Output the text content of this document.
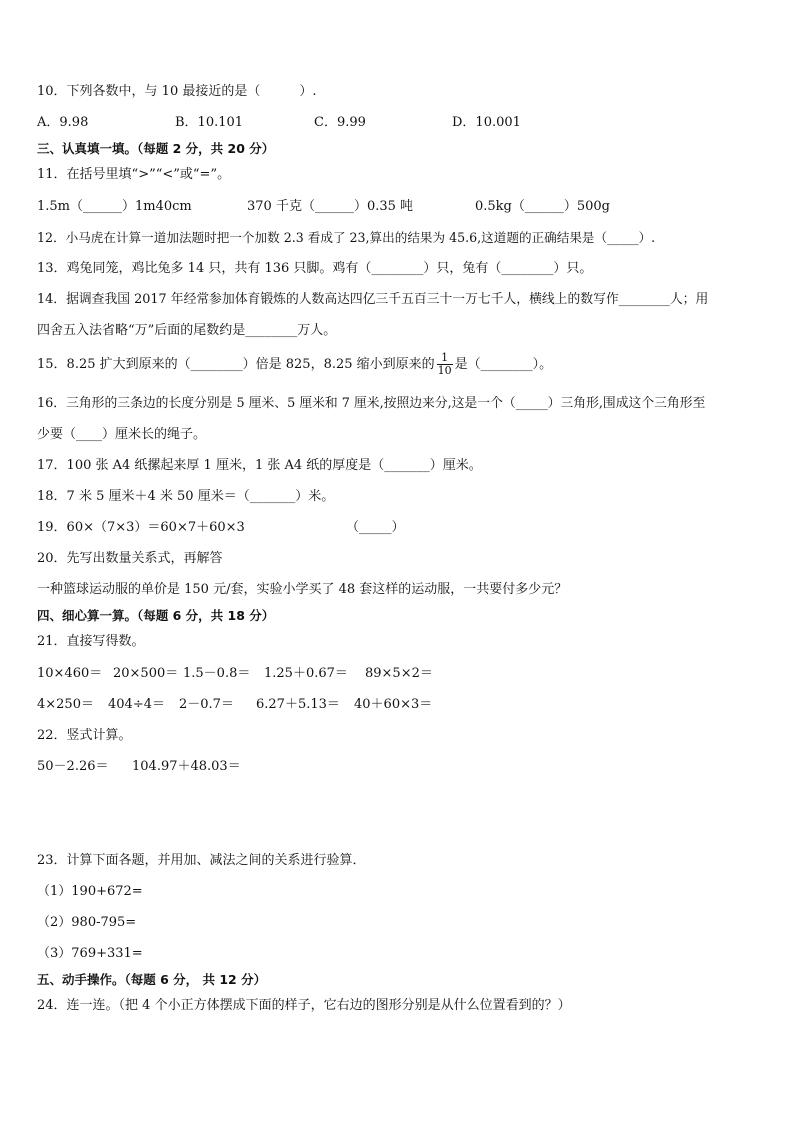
10．下列各数中，与 10 最接近的是（　　　）.
A．9.98	B．10.101	C．9.99	D．10.001
三、认真填一填。（每题 2 分，共 20 分）
11．在括号里填“>”“<”或“=”。
1.5m（______）1m40cm	370 千克（______）0.35 吨	0.5kg（______）500g
12．小马虎在计算一道加法题时把一个加数 2.3 看成了 23,算出的结果为 45.6,这道题的正确结果是（_____）.
13．鸡兔同笼，鸡比兔多 14 只，共有 136 只脚。鸡有（________）只，兔有（________）只。
14．据调查我国 2017 年经常参加体育锻炼的人数高达四亿三千五百三十一万七千人，横线上的数写作________人；用
四舍五入法省略“万”后面的尾数约是________万人。
15．8.25 扩大到原来的（________）倍是 825，8.25 缩小到原来的 $\frac{1}{10}$ 是（________）。
16．三角形的三条边的长度分别是 5 厘米、5 厘米和 7 厘米,按照边来分,这是一个（_____）三角形,围成这个三角形至
少要（____）厘米长的绳子。
17．100 张 A4 纸摞起来厚 1 厘米，1 张 A4 纸的厚度是（_______）厘米。
18．7 米 5 厘米＋4 米 50 厘米＝（_______）米。
19．60×（7×3）＝60×7＋60×3	（_____）
20．先写出数量关系式，再解答
一种篮球运动服的单价是 150 元/套，实验小学买了 48 套这样的运动服，一共要付多少元？
四、细心算一算。（每题 6 分，共 18 分）
21．直接写得数。
10×460＝ 20×500＝ 1.5－0.8＝ 1.25＋0.67＝ 89×5×2＝
4×250＝ 404÷4＝ 2－0.7＝ 6.27＋5.13＝ 40＋60×3＝
22．竖式计算。
50－2.26＝ 104.97＋48.03＝
23．计算下面各题，并用加、减法之间的关系进行验算．
（1）190+672=
（2）980-795=
（3）769+331=
五、动手操作。（每题 6 分， 共 12 分）
24．连一连。（把 4 个小正方体摆成下面的样子，它右边的图形分别是从什么位置看到的？）
